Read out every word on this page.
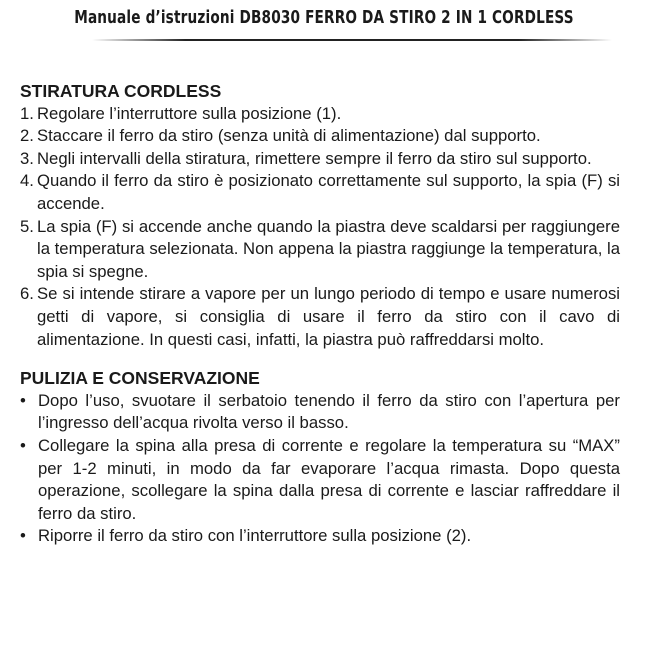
Manuale d’istruzioni DB8030 FERRO DA STIRO 2 IN 1 CORDLESS
STIRATURA CORDLESS
1. Regolare l’interruttore sulla posizione (1).
2. Staccare il ferro da stiro (senza unità di alimentazione) dal supporto.
3. Negli intervalli della stiratura, rimettere sempre il ferro da stiro sul supporto.
4. Quando il ferro da stiro è posizionato correttamente sul supporto, la spia (F) si accende.
5. La spia (F) si accende anche quando la piastra deve scaldarsi per raggiungere la temperatura selezionata. Non appena la piastra raggiunge la temperatura, la spia si spegne.
6. Se si intende stirare a vapore per un lungo periodo di tempo e usare numerosi getti di vapore, si consiglia di usare il ferro da stiro con il cavo di alimentazione. In questi casi, infatti, la piastra può raffreddarsi molto.
PULIZIA E CONSERVAZIONE
• Dopo l’uso, svuotare il serbatoio tenendo il ferro da stiro con l’apertura per l’ingresso dell’acqua rivolta verso il basso.
• Collegare la spina alla presa di corrente e regolare la temperatura su “MAX” per 1-2 minuti, in modo da far evaporare l’acqua rimasta. Dopo questa operazione, scollegare la spina dalla presa di corrente e lasciar raffreddare il ferro da stiro.
• Riporre il ferro da stiro con l’interruttore sulla posizione (2).
